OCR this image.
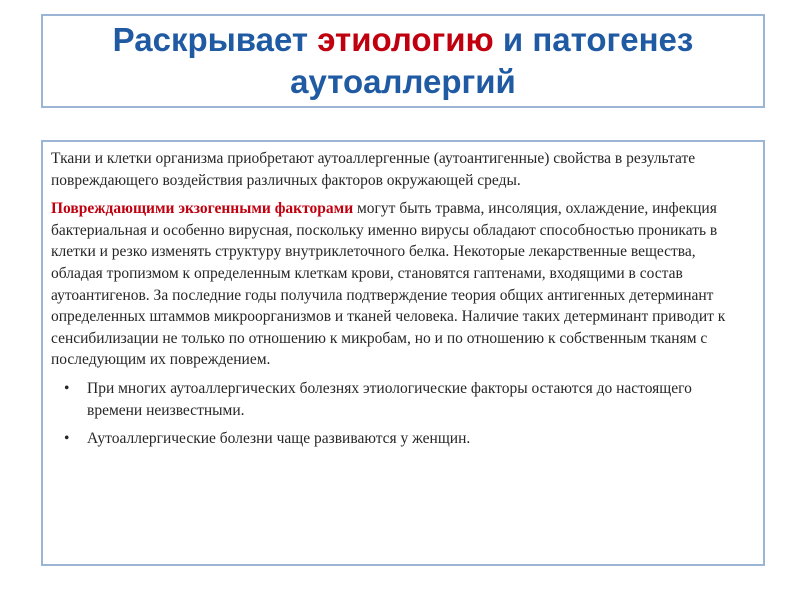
Раскрывает этиологию и патогенез аутоаллергий

Ткани и клетки организма приобретают аутоаллергенные (аутоантигенные) свойства в результате повреждающего воздействия различных факторов окружающей среды.

Повреждающими экзогенными факторами могут быть травма, инсоляция, охлаждение, инфекция бактериальная и особенно вирусная, поскольку именно вирусы обладают способностью проникать в клетки и резко изменять структуру внутриклеточного белка. Некоторые лекарственные вещества, обладая тропизмом к определенным клеткам крови, становятся гаптенами, входящими в состав аутоантигенов. За последние годы получила подтверждение теория общих антигенных детерминант определенных штаммов микроорганизмов и тканей человека. Наличие таких детерминант приводит к сенсибилизации не только по отношению к микробам, но и по отношению к собственным тканям с последующим их повреждением.

• При многих аутоаллергических болезнях этиологические факторы остаются до настоящего времени неизвестными.
• Аутоаллергические болезни чаще развиваются у женщин.
